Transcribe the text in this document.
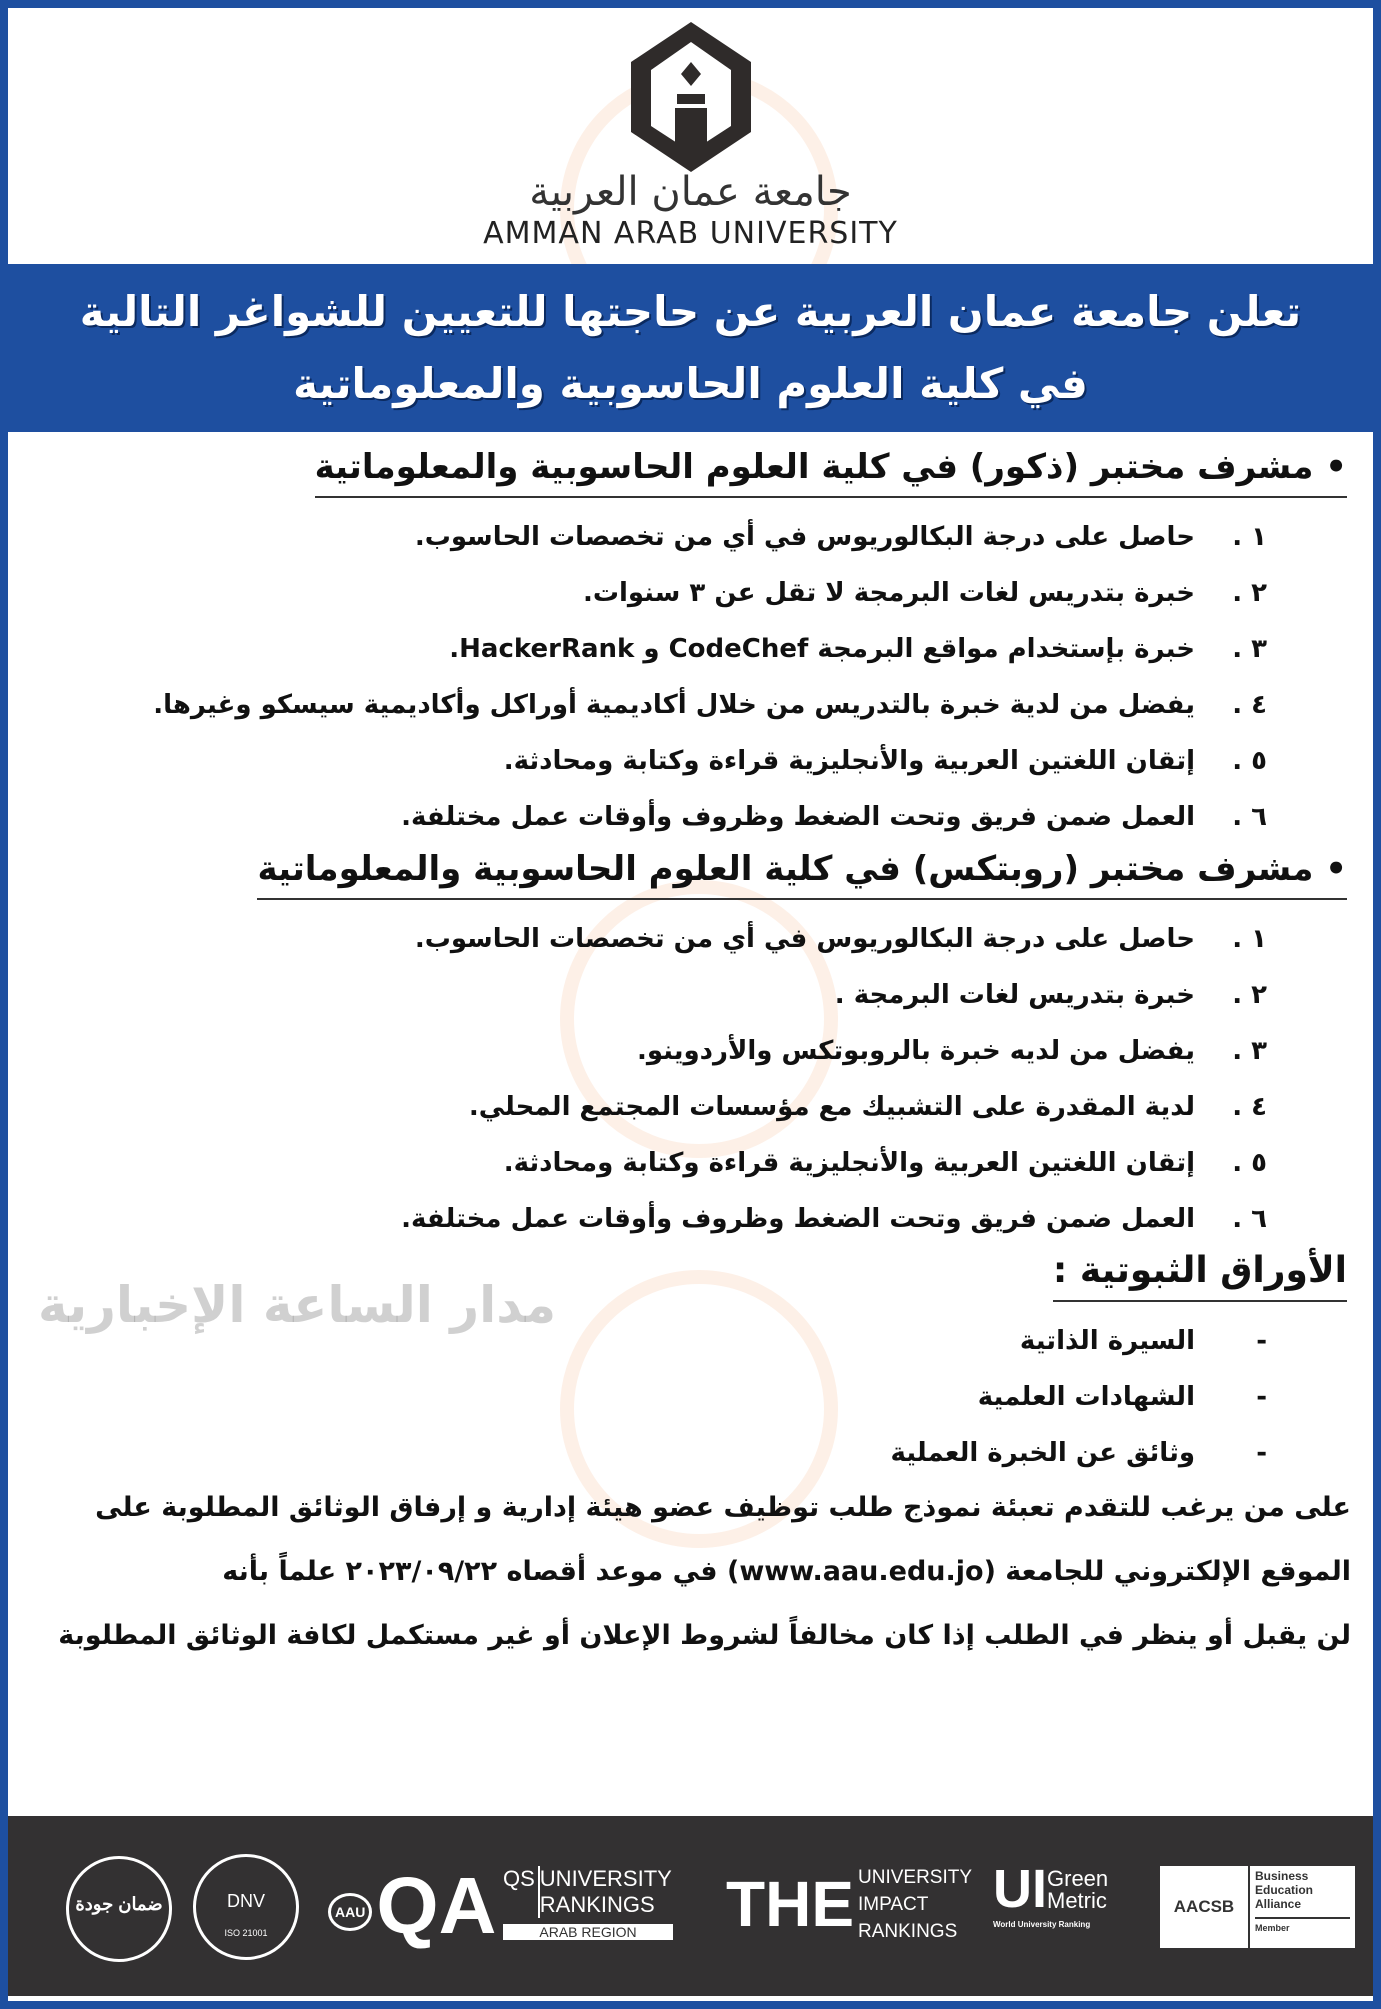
جامعة عمان العربية
AMMAN ARAB UNIVERSITY
تعلن جامعة عمان العربية عن حاجتها للتعيين للشواغر التالية
في كلية العلوم الحاسوبية والمعلوماتية
• مشرف مختبر (ذكور) في كلية العلوم الحاسوبية والمعلوماتية
١ .
حاصل على درجة البكالوريوس في أي من تخصصات الحاسوب.
٢ .
خبرة بتدريس لغات البرمجة لا تقل عن ٣ سنوات.
٣ .
خبرة بإستخدام مواقع البرمجة CodeChef و HackerRank.
٤ .
يفضل من لدية خبرة بالتدريس من خلال أكاديمية أوراكل وأكاديمية سيسكو وغيرها.
٥ .
إتقان اللغتين العربية والأنجليزية قراءة وكتابة ومحادثة.
٦ .
العمل ضمن فريق وتحت الضغط وظروف وأوقات عمل مختلفة.
• مشرف مختبر (روبتكس) في كلية العلوم الحاسوبية والمعلوماتية
١ .
حاصل على درجة البكالوريوس في أي من تخصصات الحاسوب.
٢ .
خبرة بتدريس لغات البرمجة .
٣ .
يفضل من لديه خبرة بالروبوتكس والأردوينو.
٤ .
لدية المقدرة على التشبيك مع مؤسسات المجتمع المحلي.
٥ .
إتقان اللغتين العربية والأنجليزية قراءة وكتابة ومحادثة.
٦ .
العمل ضمن فريق وتحت الضغط وظروف وأوقات عمل مختلفة.
مدار الساعة الإخبارية
الأوراق الثبوتية :
-
السيرة الذاتية
-
الشهادات العلمية
-
وثائق عن الخبرة العملية
على من يرغب للتقدم تعبئة نموذج طلب توظيف عضو هيئة إدارية و إرفاق الوثائق المطلوبة على
الموقع الإلكتروني للجامعة (www.aau.edu.jo) في موعد أقصاه ٢٠٢٣/٠٩/٢٢ علماً بأنه
لن يقبل أو ينظر في الطلب إذا كان مخالفاً لشروط الإعلان أو غير مستكمل لكافة الوثائق المطلوبة
ضمان جودة	DNV
ISO 21001
AAU QA QS UNIVERSITY
RANKINGS
ARAB REGION	THE UNIVERSITY
IMPACT
RANKINGS
UI Green
Metric
World University Ranking
AACSB
Business Education Alliance
Member
